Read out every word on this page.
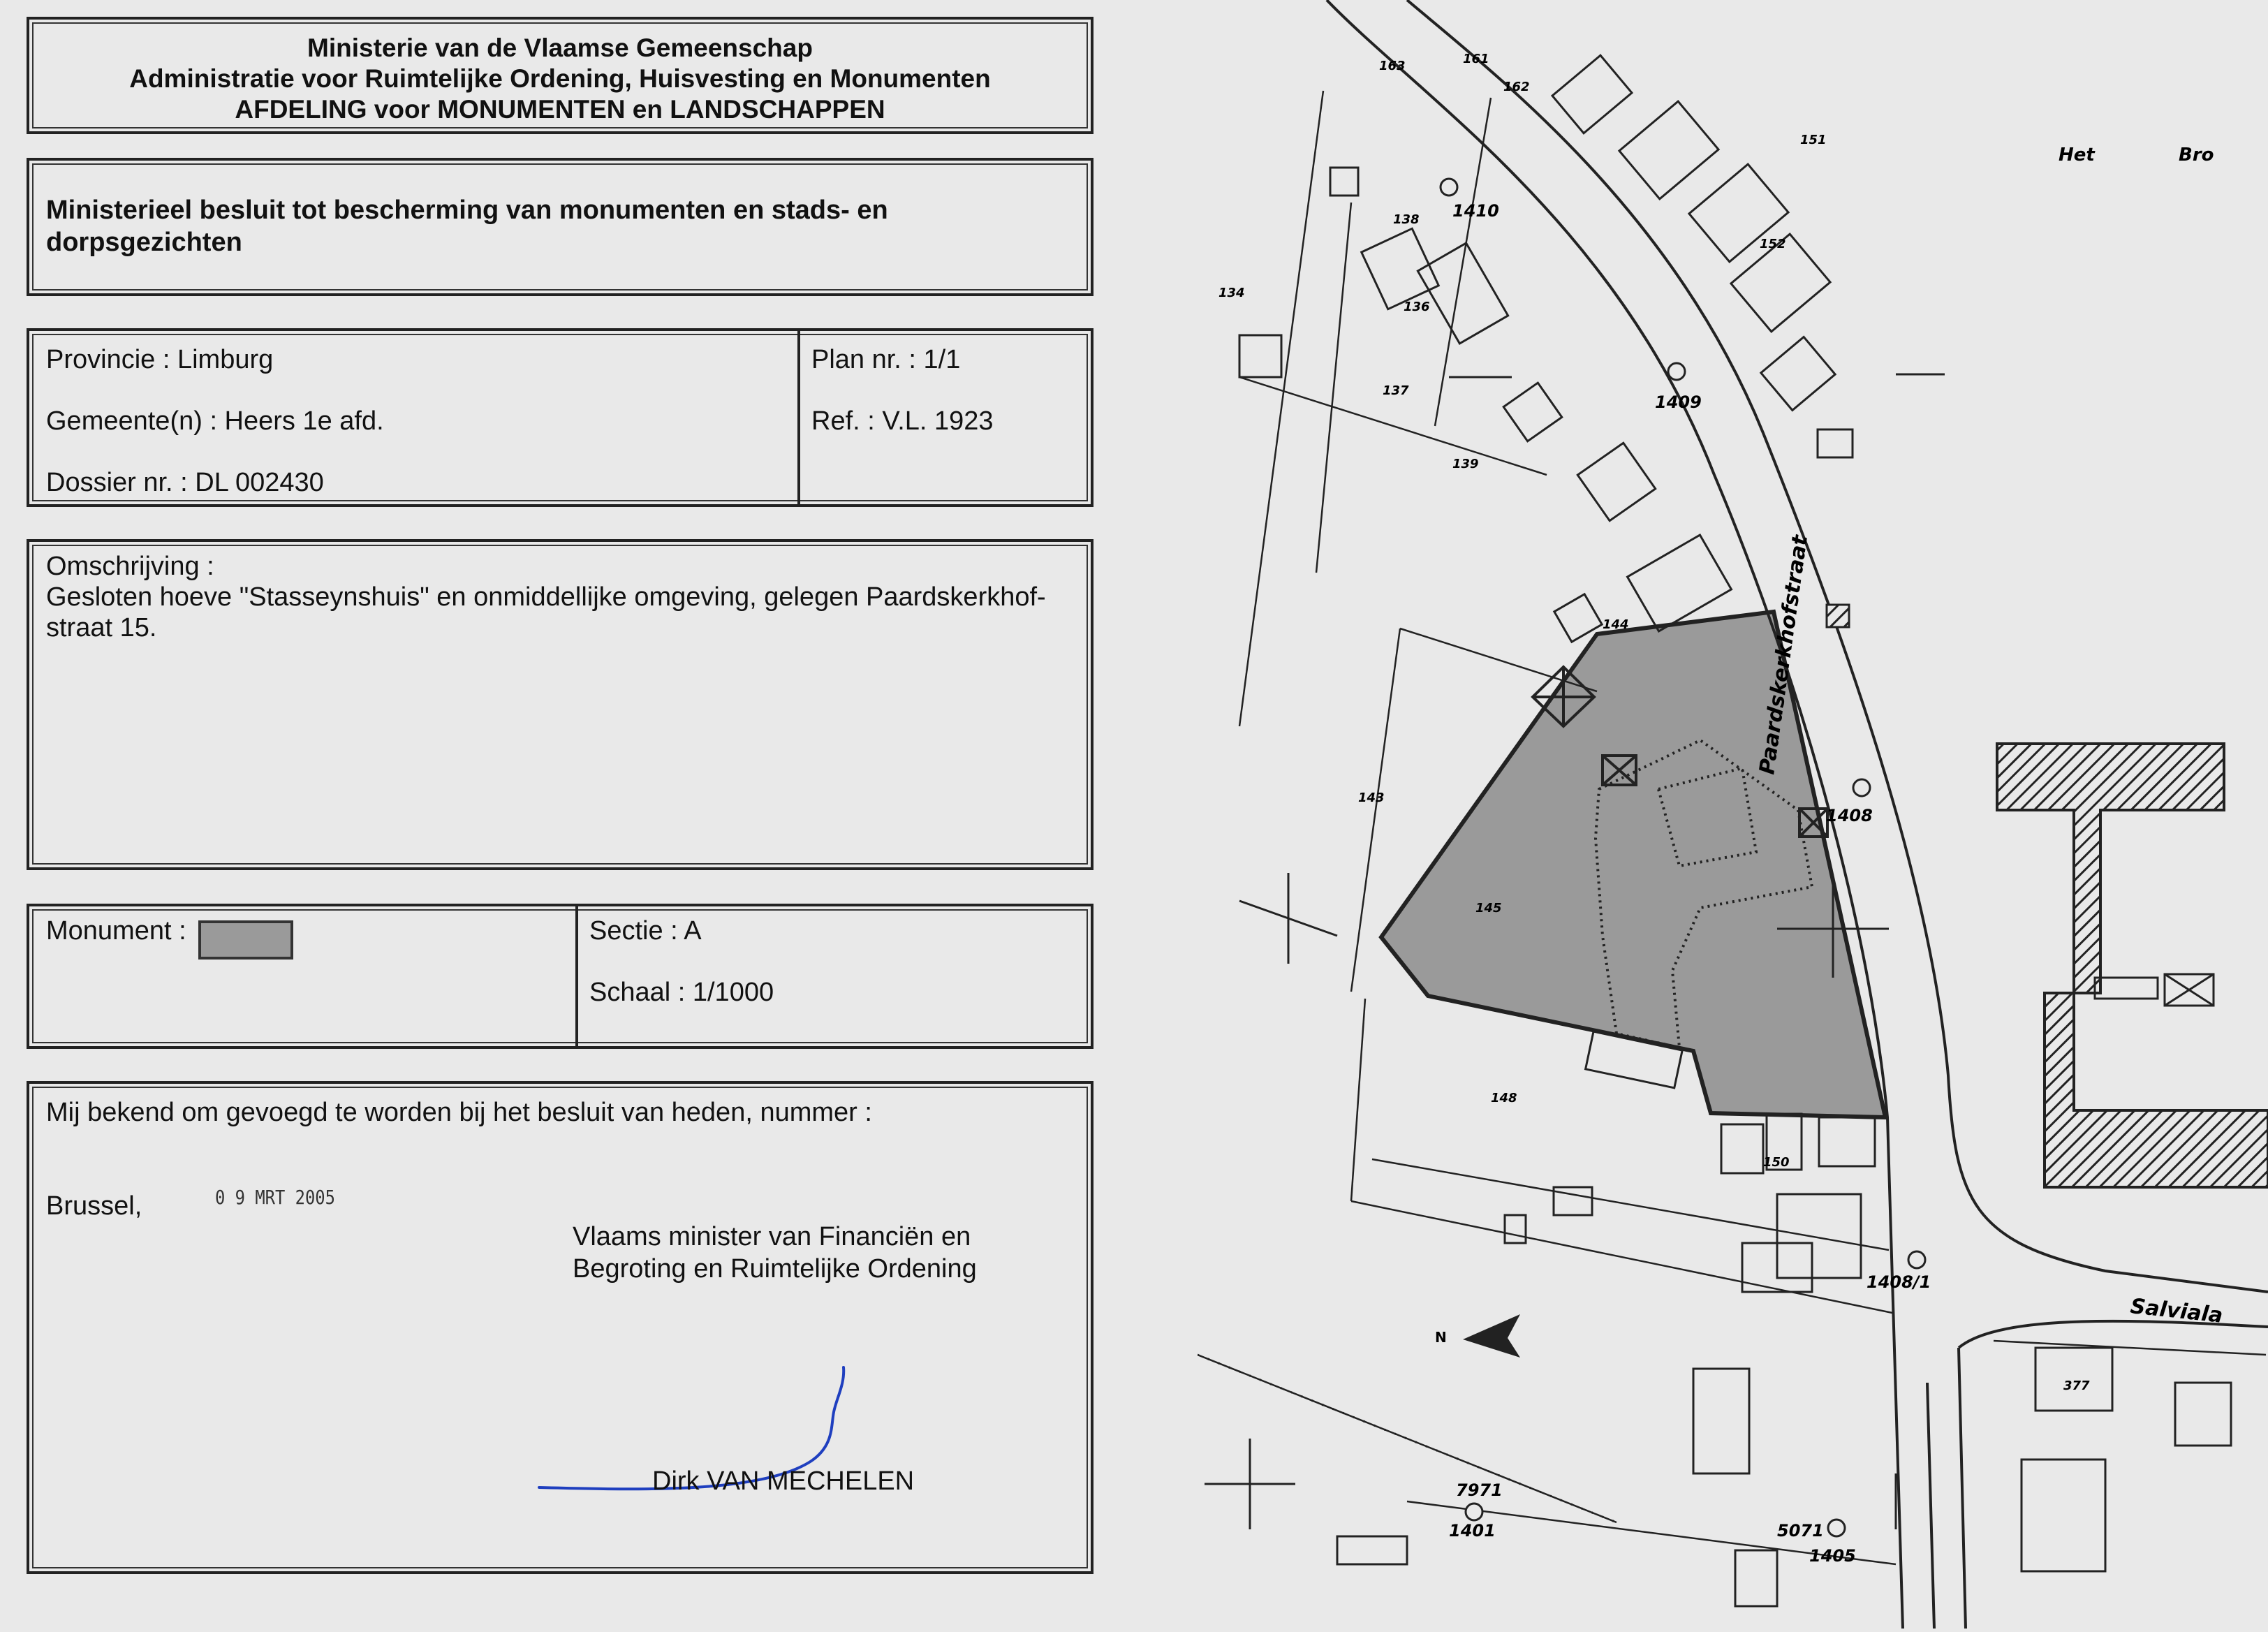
Ministerie van de Vlaamse Gemeenschap
Administratie voor Ruimtelijke Ordening, Huisvesting en Monumenten
AFDELING voor MONUMENTEN en LANDSCHAPPEN
Ministerieel besluit tot bescherming van monumenten en stads- en
dorpsgezichten
Provincie : Limburg
Gemeente(n) : Heers 1e afd.
Dossier nr. : DL 002430
Plan nr. : 1/1
Ref. : V.L. 1923
Omschrijving :
Gesloten hoeve "Stasseynshuis" en onmiddellijke omgeving, gelegen Paardskerkhof-
straat 15.
Monument :	Sectie : A
Schaal : 1/1000
Mij bekend om gevoegd te worden bij het besluit van heden, nummer :
Brussel,	0 9 MRT 2005
Vlaams minister van Financiën en
Begroting en Ruimtelijke Ordening
Dirk VAN MECHELEN
N
Het	Bro
Paardskerkhofstraat
Salviala
1410
1409
1408
1408/1
1405
7971
5071
1401
161
163
162
151
152
138
136
137
139
143
145
150
148
134
377
144
